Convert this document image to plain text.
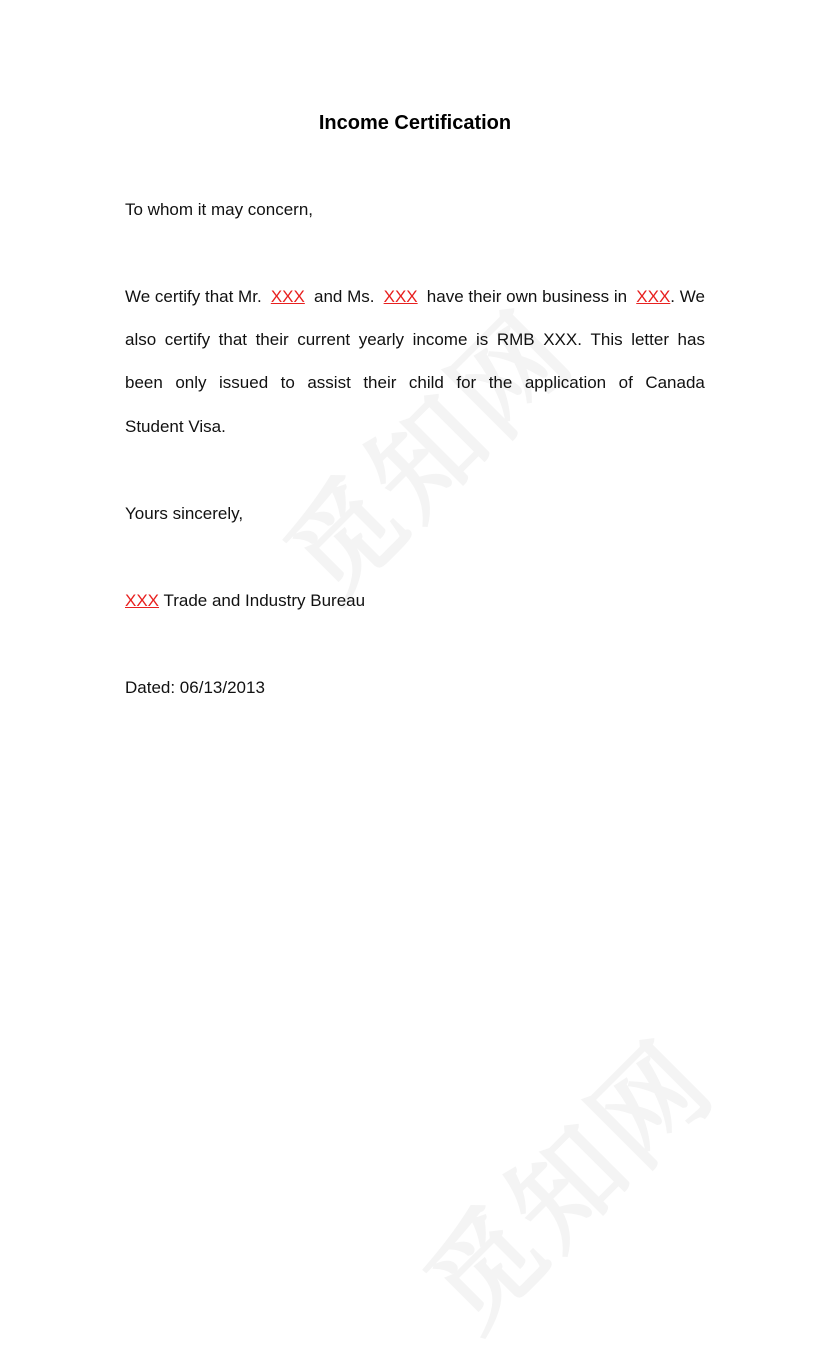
Income Certification
To whom it may concern,
We certify that Mr. XXX and Ms. XXX have their own business in XXX. We
also certify that their current yearly income is RMB XXX. This letter has
been only issued to assist their child for the application of Canada
Student Visa.
Yours sincerely,
XXX Trade and Industry Bureau
Dated: 06/13/2013
